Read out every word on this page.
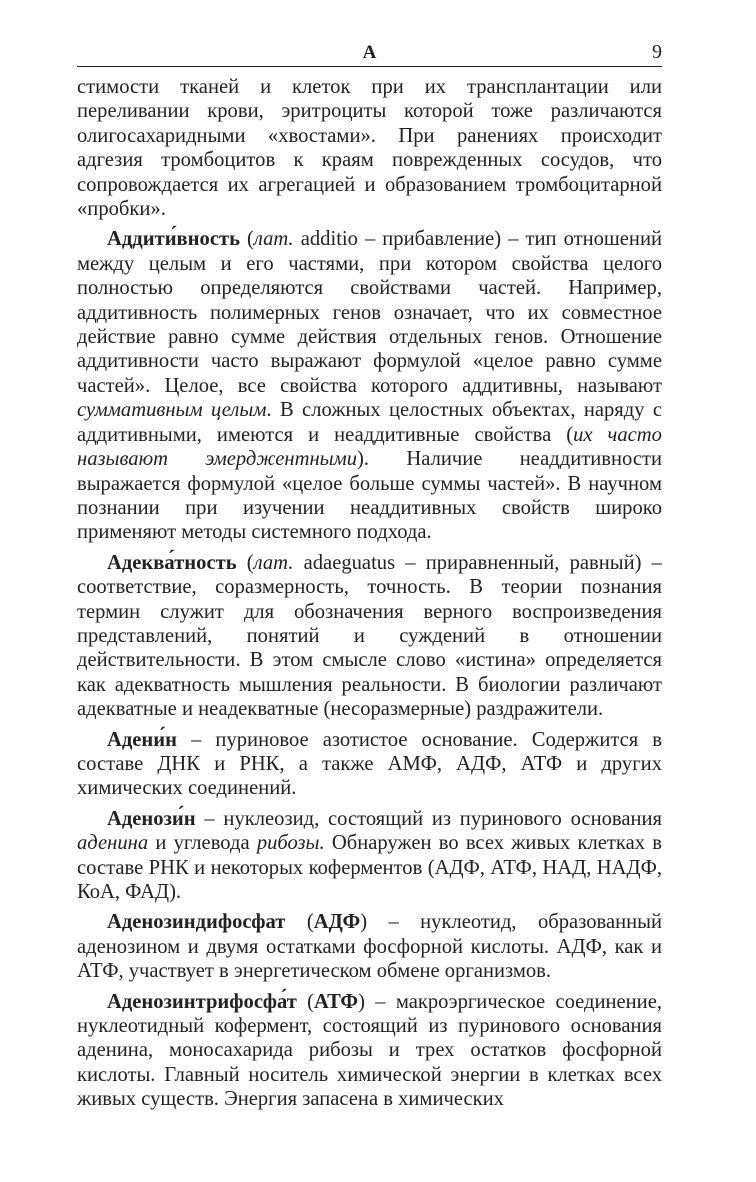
А	9

стимости тканей и клеток при их трансплантации или переливании крови, эритроциты которой тоже различаются олигосахаридными «хвостами». При ранениях происходит адгезия тромбоцитов к краям поврежденных сосудов, что сопровождается их агрегацией и образованием тромбоцитарной «пробки».

Аддити́вность (лат. additio – прибавление) – тип отношений между целым и его частями, при котором свойства целого полностью определяются свойствами частей. Например, аддитивность полимерных генов означает, что их совместное действие равно сумме действия отдельных генов. Отношение аддитивности часто выражают формулой «целое равно сумме частей». Целое, все свойства которого аддитивны, называют суммативным целым. В сложных целостных объектах, наряду с аддитивными, имеются и неаддитивные свойства (их часто называют эмерджентными). Наличие неаддитивности выражается формулой «целое больше суммы частей». В научном познании при изучении неаддитивных свойств широко применяют методы системного подхода.

Адеква́тность (лат. adaeguatus – приравненный, равный) – соответствие, соразмерность, точность. В теории познания термин служит для обозначения верного воспроизведения представлений, понятий и суждений в отношении действительности. В этом смысле слово «истина» определяется как адекватность мышления реальности. В биологии различают адекватные и неадекватные (несоразмерные) раздражители.

Адени́н – пуриновое азотистое основание. Содержится в составе ДНК и РНК, а также АМФ, АДФ, АТФ и других химических соединений.

Аденози́н – нуклеозид, состоящий из пуринового основания аденина и углевода рибозы. Обнаружен во всех живых клетках в составе РНК и некоторых коферментов (АДФ, АТФ, НАД, НАДФ, КоА, ФАД).

Аденозиндифосфат (АДФ) – нуклеотид, образованный аденозином и двумя остатками фосфорной кислоты. АДФ, как и АТФ, участвует в энергетическом обмене организмов.

Аденозинтрифосфа́т (АТФ) – макроэргическое соединение, нуклеотидный кофермент, состоящий из пуринового основания аденина, моносахарида рибозы и трех остатков фосфорной кислоты. Главный носитель химической энергии в клетках всех живых существ. Энергия запасена в химических
